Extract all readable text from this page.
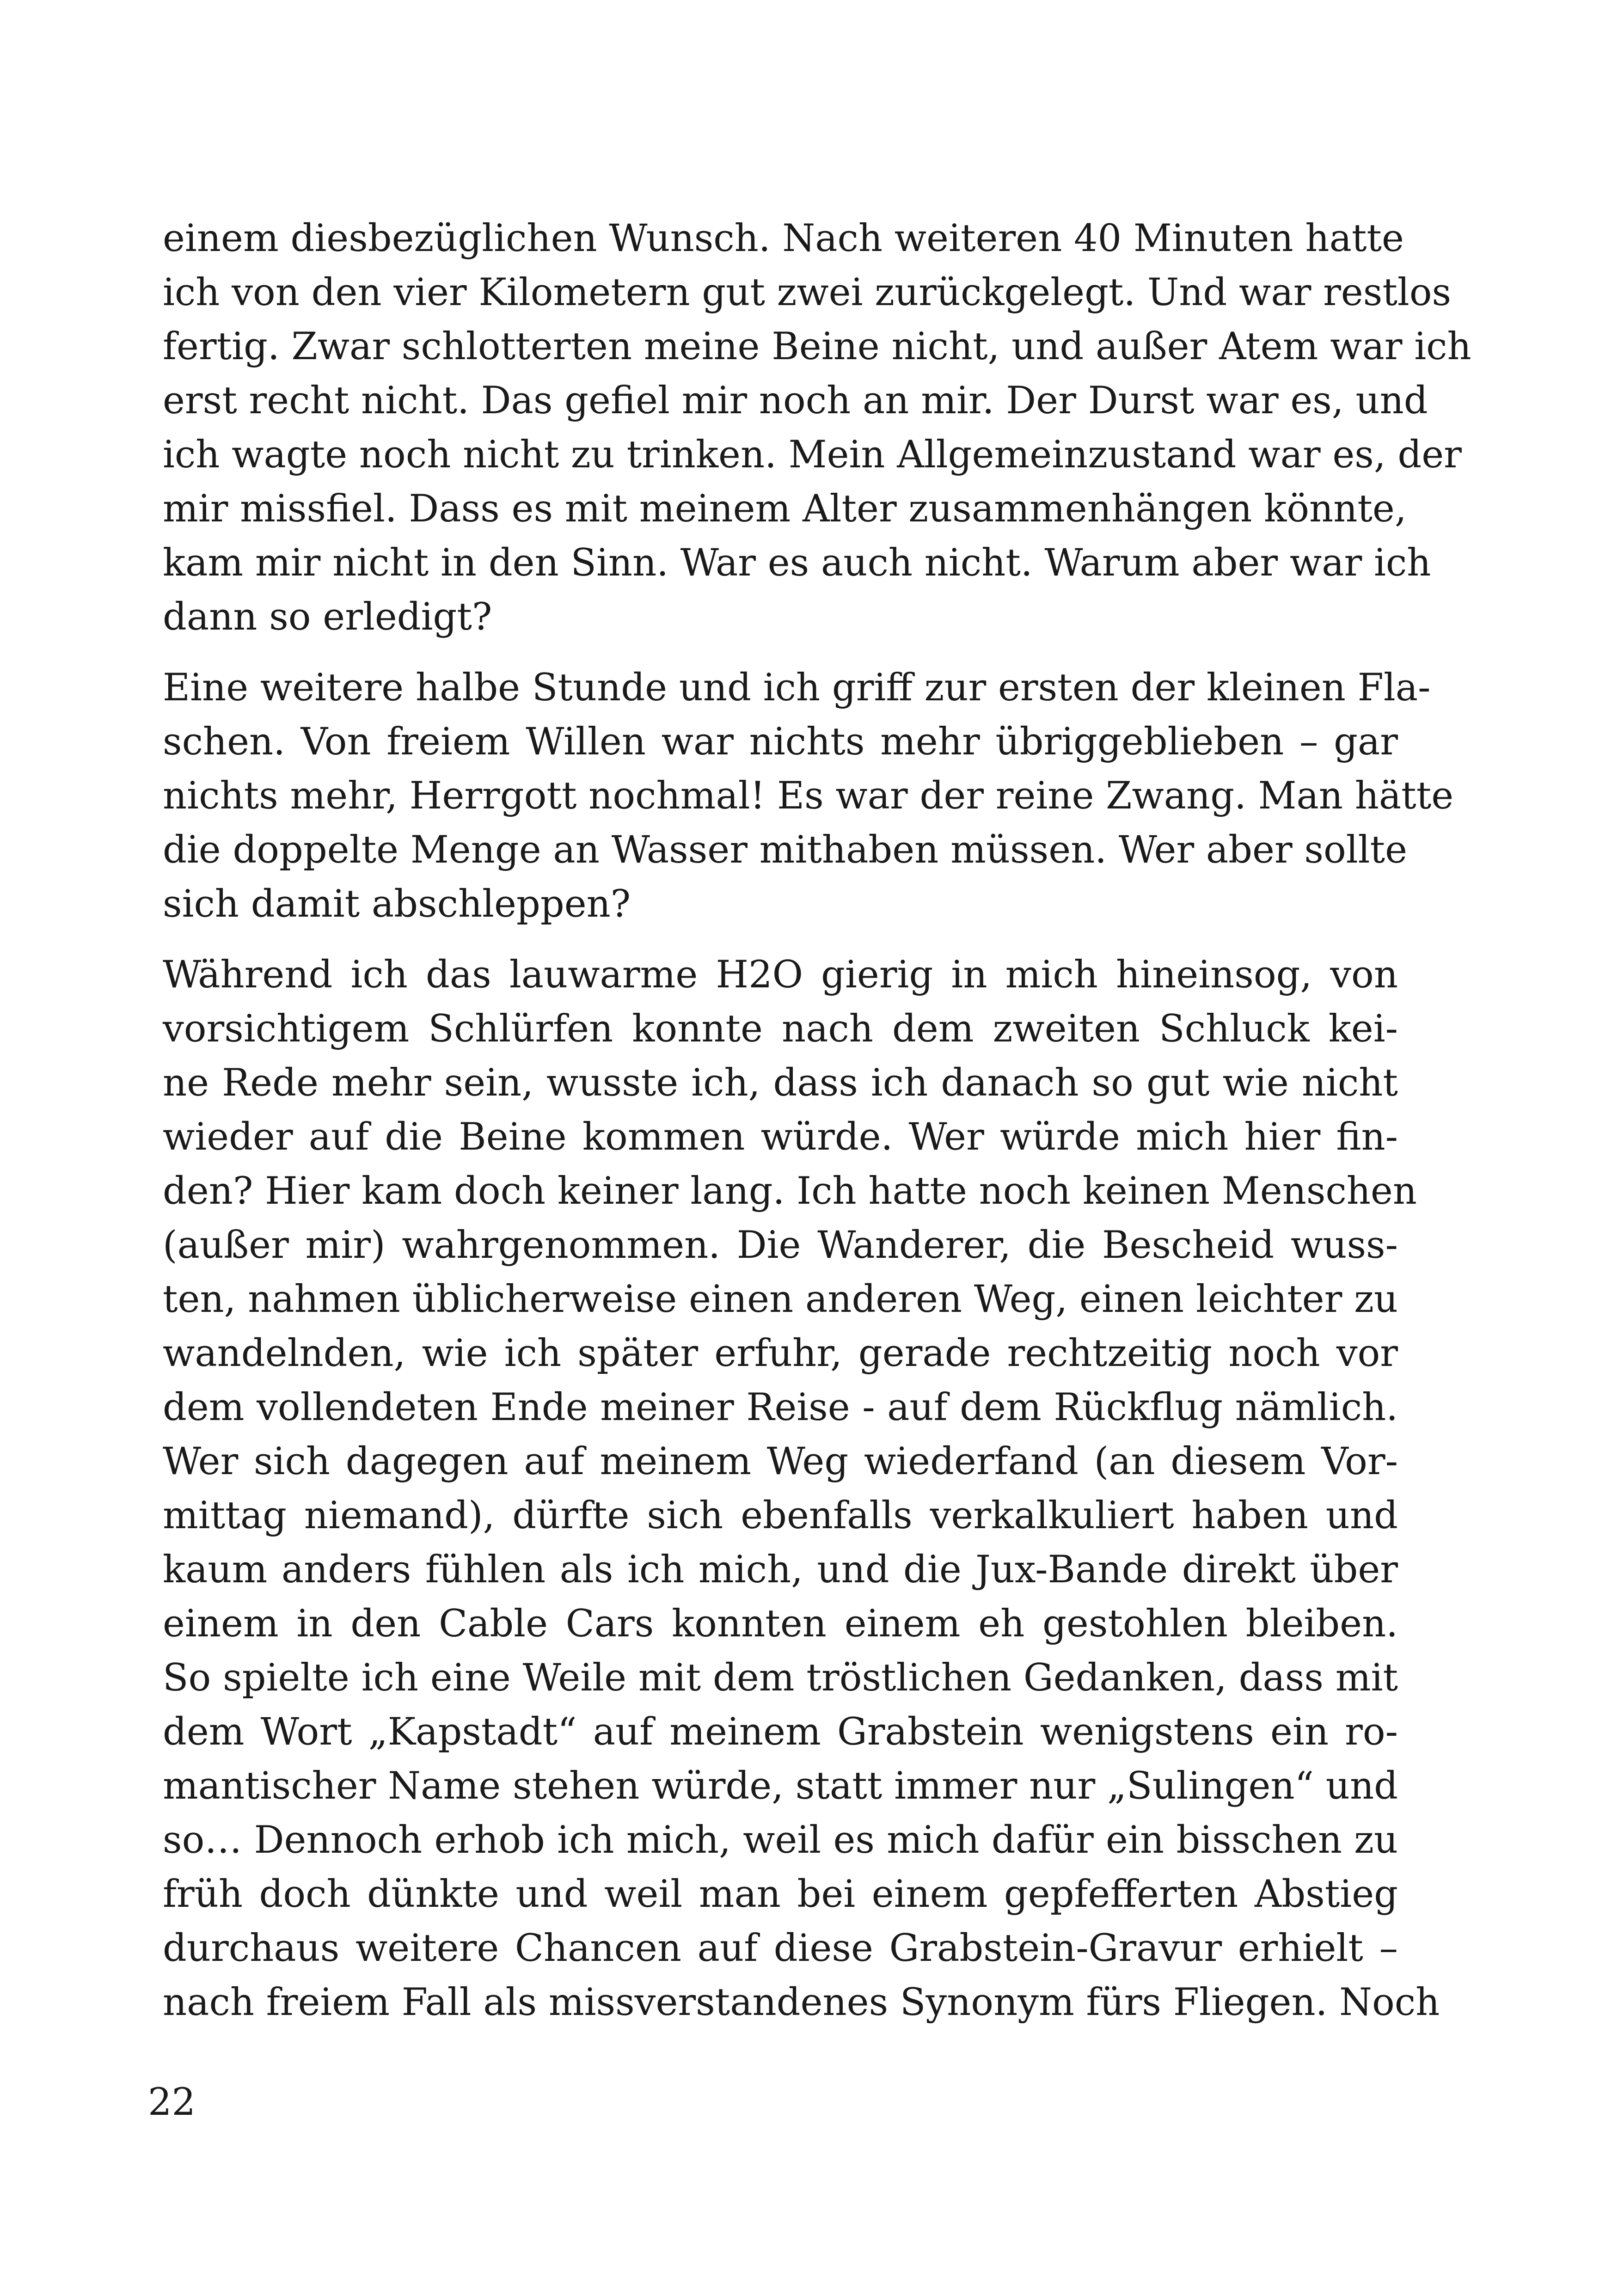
einem diesbezüglichen Wunsch. Nach weiteren 40 Minuten hatte
ich von den vier Kilometern gut zwei zurückgelegt. Und war restlos
fertig. Zwar schlotterten meine Beine nicht, und außer Atem war ich
erst recht nicht. Das gefiel mir noch an mir. Der Durst war es, und
ich wagte noch nicht zu trinken. Mein Allgemeinzustand war es, der
mir missfiel. Dass es mit meinem Alter zusammenhängen könnte,
kam mir nicht in den Sinn. War es auch nicht. Warum aber war ich
dann so erledigt?
Eine weitere halbe Stunde und ich griff zur ersten der kleinen Fla-
schen. Von freiem Willen war nichts mehr übriggeblieben – gar
nichts mehr, Herrgott nochmal! Es war der reine Zwang. Man hätte
die doppelte Menge an Wasser mithaben müssen. Wer aber sollte
sich damit abschleppen?
Während ich das lauwarme H2O gierig in mich hineinsog, von
vorsichtigem Schlürfen konnte nach dem zweiten Schluck kei-
ne Rede mehr sein, wusste ich, dass ich danach so gut wie nicht
wieder auf die Beine kommen würde. Wer würde mich hier fin-
den? Hier kam doch keiner lang. Ich hatte noch keinen Menschen
(außer mir) wahrgenommen. Die Wanderer, die Bescheid wuss-
ten, nahmen üblicherweise einen anderen Weg, einen leichter zu
wandelnden, wie ich später erfuhr, gerade rechtzeitig noch vor
dem vollendeten Ende meiner Reise - auf dem Rückflug nämlich.
Wer sich dagegen auf meinem Weg wiederfand (an diesem Vor-
mittag niemand), dürfte sich ebenfalls verkalkuliert haben und
kaum anders fühlen als ich mich, und die Jux-Bande direkt über
einem in den Cable Cars konnten einem eh gestohlen bleiben.
So spielte ich eine Weile mit dem tröstlichen Gedanken, dass mit
dem Wort „Kapstadt“ auf meinem Grabstein wenigstens ein ro-
mantischer Name stehen würde, statt immer nur „Sulingen“ und
so… Dennoch erhob ich mich, weil es mich dafür ein bisschen zu
früh doch dünkte und weil man bei einem gepfefferten Abstieg
durchaus weitere Chancen auf diese Grabstein-Gravur erhielt –
nach freiem Fall als missverstandenes Synonym fürs Fliegen. Noch
22
